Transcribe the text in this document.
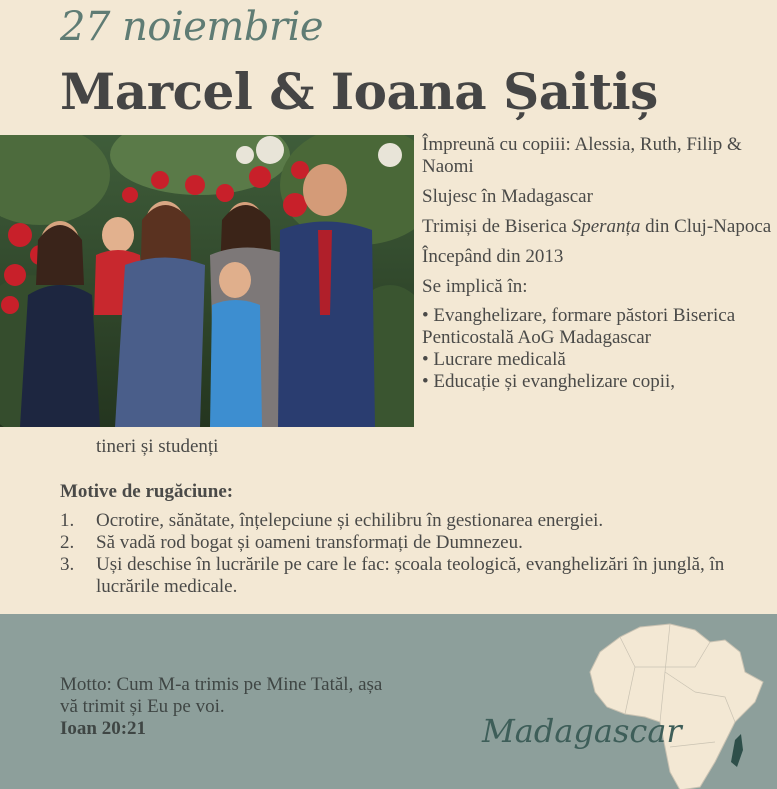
27 noiembrie
Marcel & Ioana Șaitiș

Împreună cu copiii: Alessia, Ruth, Filip & Naomi

Slujesc în Madagascar

Trimiși de Biserica Speranța din Cluj-Napoca

Începând din 2013

Se implică în:

• Evanghelizare, formare păstori Biserica Penticostală AoG Madagascar
• Lucrare medicală
• Educație și evanghelizare copii,
tineri și studenți
Motive de rugăciune:
1.	Ocrotire, sănătate, înțelepciune și echilibru în gestionarea energiei.
2.	Să vadă rod bogat și oameni transformați de Dumnezeu.
3.	Uși deschise în lucrările pe care le fac: școala teologică, evanghelizări în junglă, în lucrările medicale.
Motto: Cum M-a trimis pe Mine Tatăl, așa vă trimit și Eu pe voi.
Ioan 20:21	Madagascar
